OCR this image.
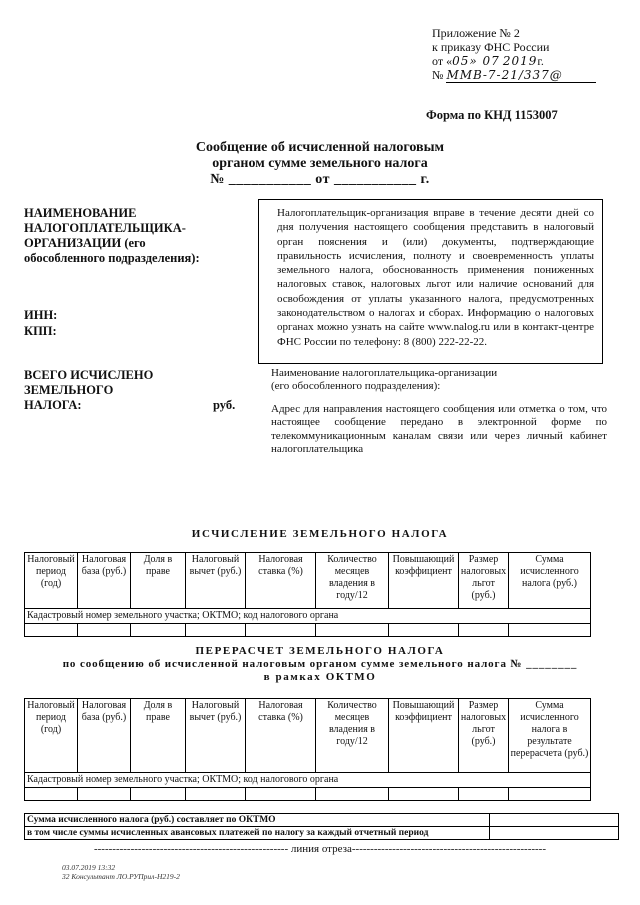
Приложение № 2
к приказу ФНС России
от «05» 07 2019г.
№ ММВ-7-21/337@
Форма по КНД 1153007
Сообщение об исчисленной налоговым
органом сумме земельного налога
№ ___________ от ___________ г.
НАИМЕНОВАНИЕ
НАЛОГОПЛАТЕЛЬЩИКА-
ОРГАНИЗАЦИИ (его
обособленного подразделения):
ИНН:
КПП:
ВСЕГО ИСЧИСЛЕНО
ЗЕМЕЛЬНОГО
НАЛОГА:	руб.
Налогоплательщик-организация вправе в течение десяти дней со дня получения настоящего сообщения представить в налоговый орган пояснения и (или) документы, подтверждающие правильность исчисления, полноту и своевременность уплаты земельного налога, обоснованность применения пониженных налоговых ставок, налоговых льгот или наличие оснований для освобождения от уплаты указанного налога, предусмотренных законодательством о налогах и сборах. Информацию о налоговых органах можно узнать на сайте www.nalog.ru или в контакт-центре ФНС России по телефону: 8 (800) 222-22-22.
Наименование налогоплательщика-организации
(его обособленного подразделения):
Адрес для направления настоящего сообщения или отметка о том, что настоящее сообщение передано в электронной форме по телекоммуникационным каналам связи или через личный кабинет налогоплательщика
ИСЧИСЛЕНИЕ ЗЕМЕЛЬНОГО НАЛОГА
Налоговый период (год)	Налоговая база (руб.)	Доля в праве	Налоговый вычет (руб.)	Налоговая ставка (%)	Количество месяцев владения в году/12	Повышающий коэффициент	Размер налоговых льгот (руб.)	Сумма исчисленного налога (руб.)
Кадастровый номер земельного участка; ОКТМО; код налогового органа								

ПЕРЕРАСЧЕТ ЗЕМЕЛЬНОГО НАЛОГА
по сообщению об исчисленной налоговым органом сумме земельного налога № ________
в рамках ОКТМО
Налоговый период (год)	Налоговая база (руб.)	Доля в праве	Налоговый вычет (руб.)	Налоговая ставка (%)	Количество месяцев владения в году/12	Повышающий коэффициент	Размер налоговых льгот (руб.)	Сумма исчисленного налога в результате перерасчета (руб.)
Кадастровый номер земельного участка; ОКТМО; код налогового органа								

Сумма исчисленного налога (руб.) составляет по ОКТМО	
в том числе суммы исчисленных авансовых платежей по налогу за каждый отчетный период	
----------------------------------------------------- линия отреза-----------------------------------------------------
03.07.2019 13:32
32 Консультант ЛО.РУПрил-Н219-2
